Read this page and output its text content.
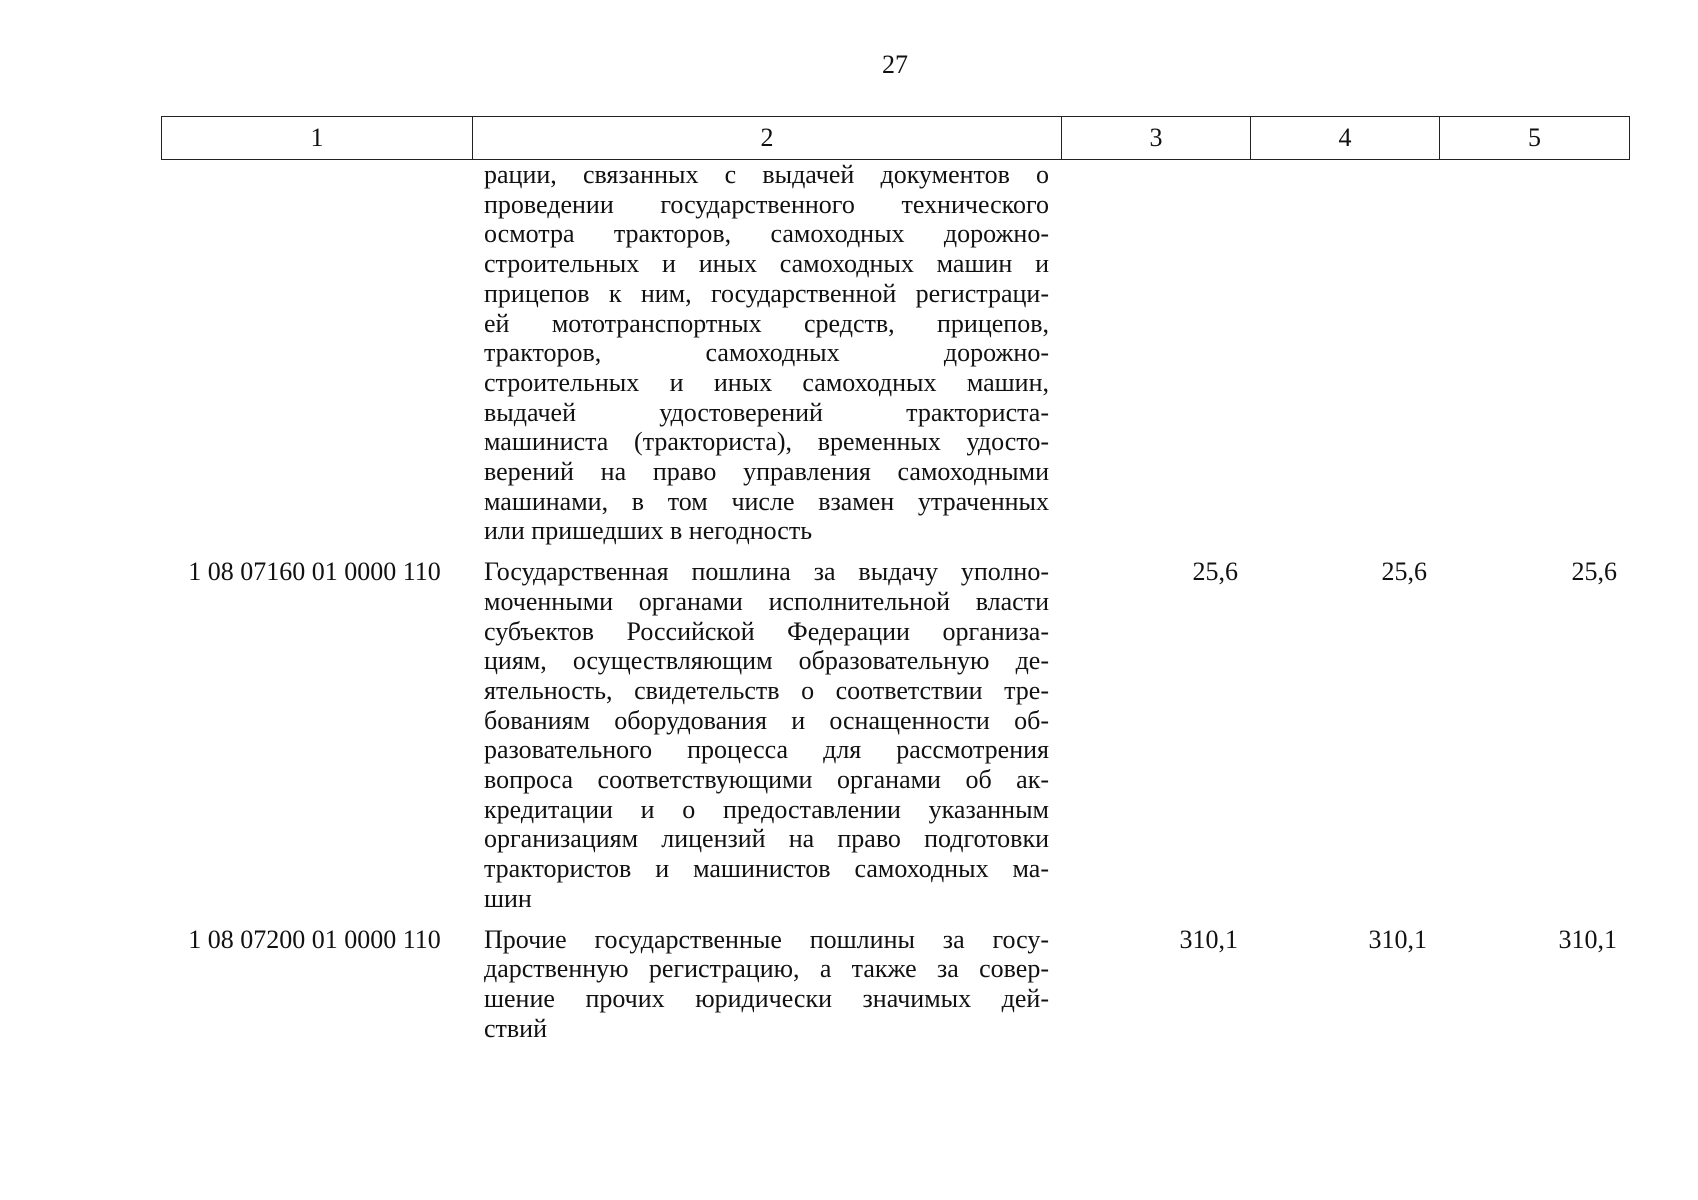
27
1	2	3	4	5
рации, связанных с выдачей документов о
проведении государственного технического
осмотра тракторов, самоходных дорожно-
строительных и иных самоходных машин и
прицепов к ним, государственной регистраци-
ей мототранспортных средств, прицепов,
тракторов, самоходных дорожно-
строительных и иных самоходных машин,
выдачей удостоверений тракториста-
машиниста (тракториста), временных удосто-
верений на право управления самоходными
машинами, в том числе взамен утраченных
или пришедших в негодность
1 08 07160 01 0000 110	Государственная пошлина за выдачу уполно-
моченными органами исполнительной власти
субъектов Российской Федерации организа-
циям, осуществляющим образовательную де-
ятельность, свидетельств о соответствии тре-
бованиям оборудования и оснащенности об-
разовательного процесса для рассмотрения
вопроса соответствующими органами об ак-
кредитации и о предоставлении указанным
организациям лицензий на право подготовки
трактористов и машинистов самоходных ма-
шин
25,6	25,6	25,6
1 08 07200 01 0000 110	Прочие государственные пошлины за госу-
дарственную регистрацию, а также за совер-
шение прочих юридически значимых дей-
ствий
310,1	310,1	310,1
